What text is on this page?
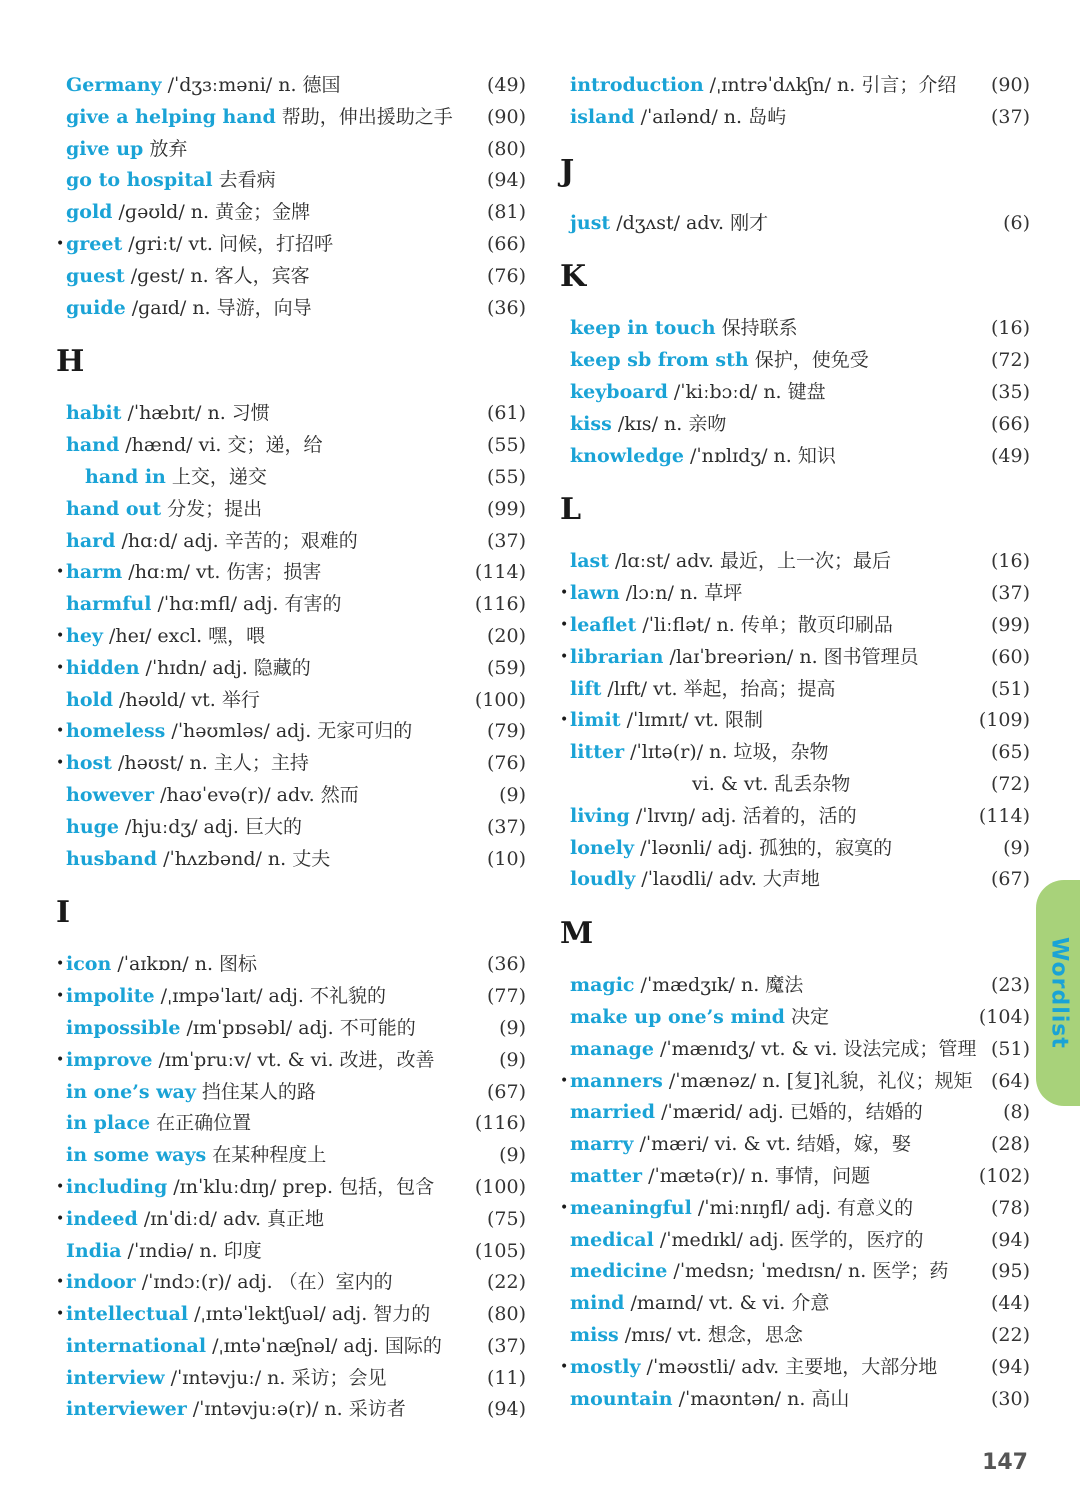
Germany /ˈdʒɜːməni/ n. 德国	(49)
give a helping hand 帮助，伸出援助之手 (90)
give up 放弃	(80)
go to hospital 去看病	(94)
gold /ɡəʊld/ n. 黄金；金牌	(81)
• greet /ɡriːt/ vt. 问候，打招呼	(66)
guest /ɡest/ n. 客人，宾客	(76)
guide /ɡaɪd/ n. 导游，向导	(36)
H
habit /ˈhæbɪt/ n. 习惯	(61)
hand /hænd/ vi. 交；递，给	(55)
hand in 上交，递交	(55)
hand out 分发；提出	(99)
hard /hɑːd/ adj. 辛苦的；艰难的	(37)
• harm /hɑːm/ vt. 伤害；损害	(114)
harmful /ˈhɑːmfl/ adj. 有害的	(116)
• hey /heɪ/ excl. 嘿，喂	(20)
• hidden /ˈhɪdn/ adj. 隐藏的	(59)
hold /həʊld/ vt. 举行	(100)
• homeless /ˈhəʊmləs/ adj. 无家可归的	(79)
• host /həʊst/ n. 主人；主持	(76)
however /haʊˈevə(r)/ adv. 然而	(9)
huge /hjuːdʒ/ adj. 巨大的	(37)
husband /ˈhʌzbənd/ n. 丈夫	(10)
I
• icon /ˈaɪkɒn/ n. 图标	(36)
• impolite /ˌɪmpəˈlaɪt/ adj. 不礼貌的	(77)
impossible /ɪmˈpɒsəbl/ adj. 不可能的	(9)
• improve /ɪmˈpruːv/ vt. & vi. 改进，改善	(9)
in one’s way 挡住某人的路	(67)
in place 在正确位置	(116)
in some ways 在某种程度上	(9)
• including /ɪnˈkluːdɪŋ/ prep. 包括，包含 (100)
• indeed /ɪnˈdiːd/ adv. 真正地	(75)
India /ˈɪndiə/ n. 印度	(105)
• indoor /ˈɪndɔː(r)/ adj. （在）室内的	(22)
• intellectual /ˌɪntəˈlektʃuəl/ adj. 智力的	(80)
international /ˌɪntəˈnæʃnəl/ adj. 国际的 (37)
interview /ˈɪntəvjuː/ n. 采访；会见	(11)
interviewer /ˈɪntəvjuːə(r)/ n. 采访者	(94)
introduction /ˌɪntrəˈdʌkʃn/ n. 引言；介绍 (90)
island /ˈaɪlənd/ n. 岛屿	(37)
J
just /dʒʌst/ adv. 刚才	(6)
K
keep in touch 保持联系	(16)
keep sb from sth 保护，使免受	(72)
keyboard /ˈkiːbɔːd/ n. 键盘	(35)
kiss /kɪs/ n. 亲吻	(66)
knowledge /ˈnɒlɪdʒ/ n. 知识	(49)
L
last /lɑːst/ adv. 最近，上一次；最后	(16)
• lawn /lɔːn/ n. 草坪	(37)
• leaflet /ˈliːflət/ n. 传单；散页印刷品	(99)
• librarian /laɪˈbreəriən/ n. 图书管理员	(60)
lift /lɪft/ vt. 举起，抬高；提高	(51)
• limit /ˈlɪmɪt/ vt. 限制	(109)
litter /ˈlɪtə(r)/ n. 垃圾，杂物	(65)
vi. & vt. 乱丢杂物	(72)
living /ˈlɪvɪŋ/ adj. 活着的，活的	(114)
lonely /ˈləʊnli/ adj. 孤独的，寂寞的	(9)
loudly /ˈlaʊdli/ adv. 大声地	(67)
M
magic /ˈmædʒɪk/ n. 魔法	(23)
make up one’s mind 决定	(104)
manage /ˈmænɪdʒ/ vt. & vi. 设法完成；管理 (51)
• manners /ˈmænəz/ n. [复]礼貌，礼仪；规矩 (64)
married /ˈmærid/ adj. 已婚的，结婚的	(8)
marry /ˈmæri/ vi. & vt. 结婚，嫁，娶	(28)
matter /ˈmætə(r)/ n. 事情，问题	(102)
• meaningful /ˈmiːnɪŋfl/ adj. 有意义的	(78)
medical /ˈmedɪkl/ adj. 医学的，医疗的	(94)
medicine /ˈmedsn; ˈmedɪsn/ n. 医学；药 (95)
mind /maɪnd/ vt. & vi. 介意	(44)
miss /mɪs/ vt. 想念，思念	(22)
• mostly /ˈməʊstli/ adv. 主要地，大部分地	(94)
mountain /ˈmaʊntən/ n. 高山	(30)
Wordlist
147
